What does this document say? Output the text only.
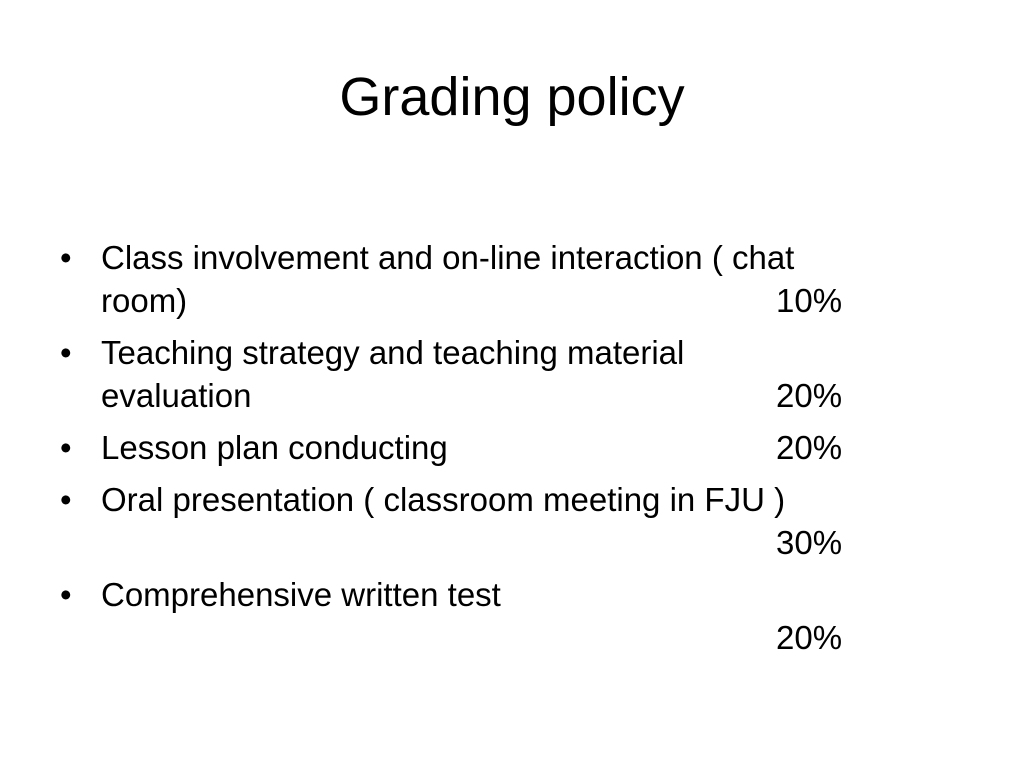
Grading policy
• Class involvement and on-line interaction ( chat
room)	10%
• Teaching strategy and teaching material
evaluation	20%
• Lesson plan conducting	20%
• Oral presentation ( classroom meeting in FJU )
30%
• Comprehensive written test
20%
